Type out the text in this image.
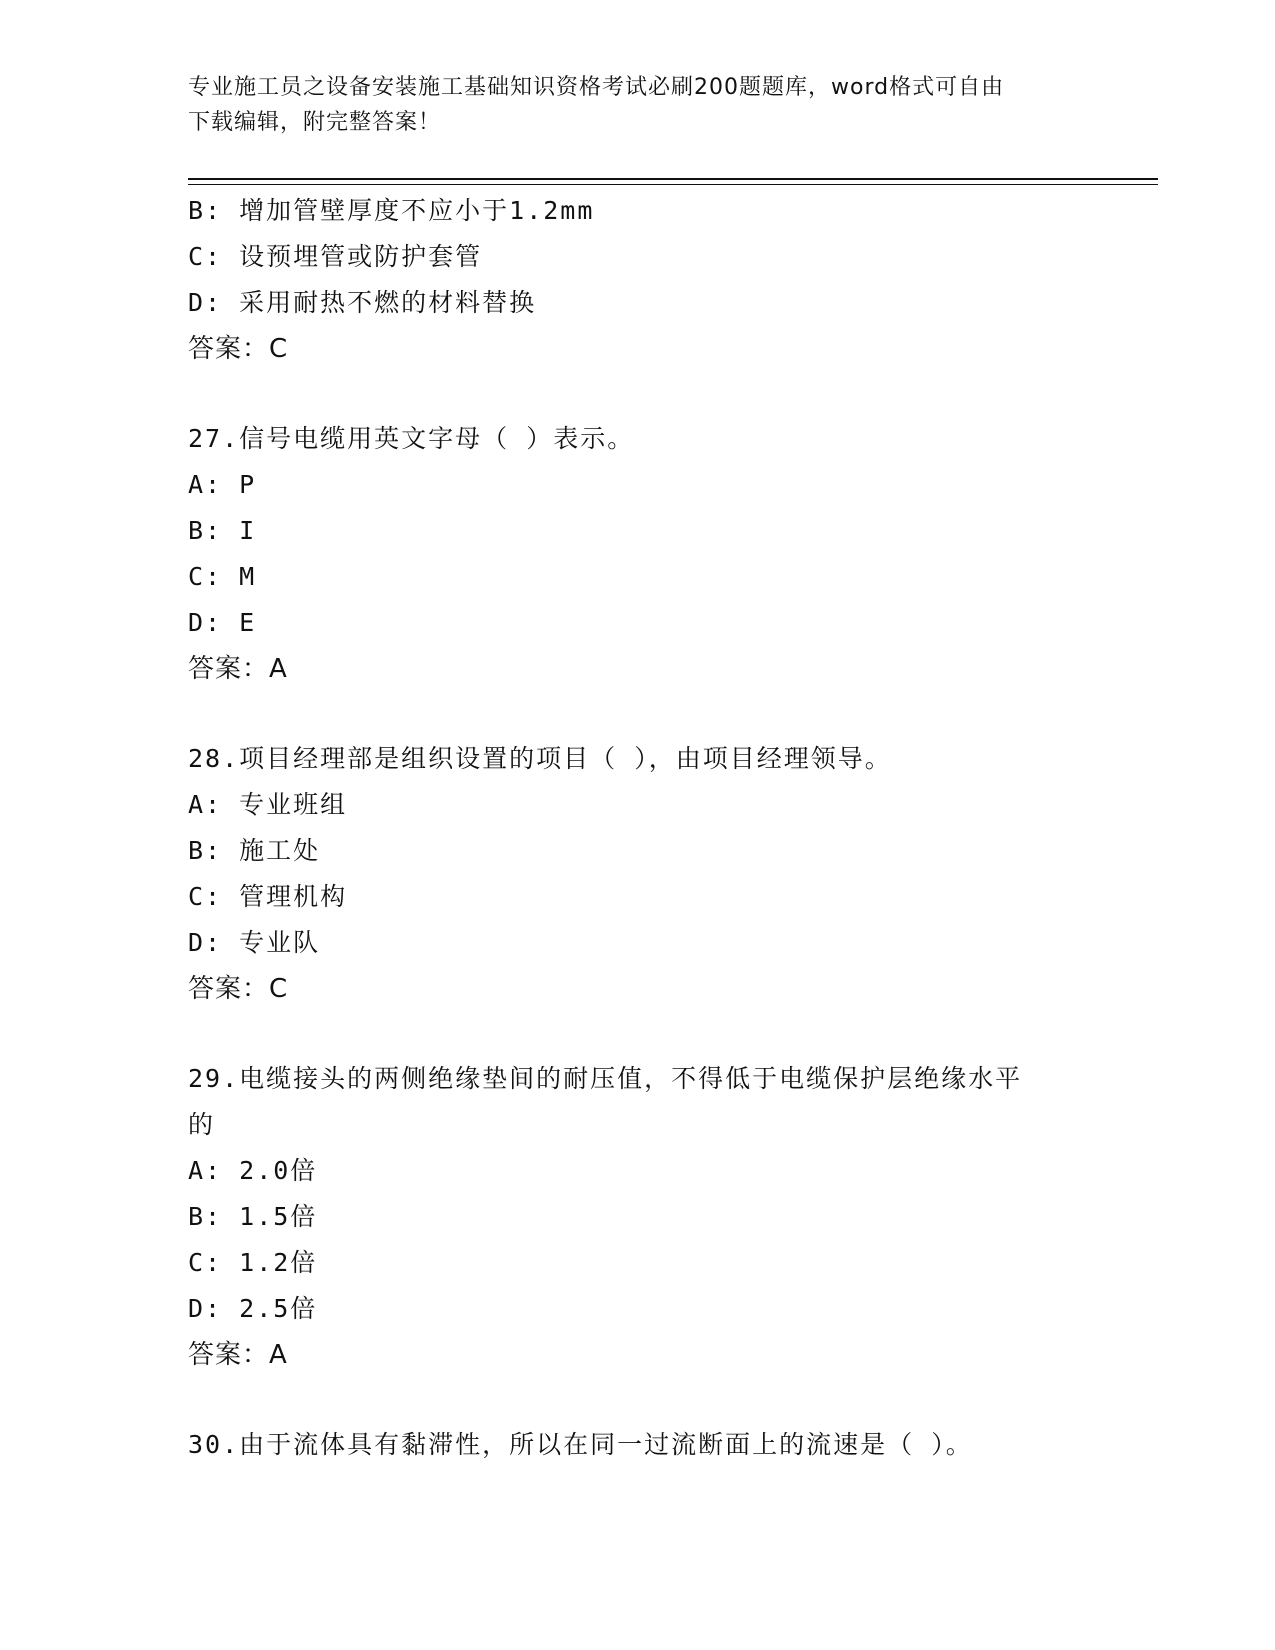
专业施工员之设备安装施工基础知识资格考试必刷200题题库，word格式可自由
下载编辑，附完整答案！
B: 增加管壁厚度不应小于1.2mm
C: 设预埋管或防护套管
D: 采用耐热不燃的材料替换
答案：C
27.信号电缆用英文字母（ ）表示。
A: P
B: I
C: M
D: E
答案：A
28.项目经理部是组织设置的项目（ ），由项目经理领导。
A: 专业班组
B: 施工处
C: 管理机构
D: 专业队
答案：C
29.电缆接头的两侧绝缘垫间的耐压值，不得低于电缆保护层绝缘水平
的
A: 2.0倍
B: 1.5倍
C: 1.2倍
D: 2.5倍
答案：A
30.由于流体具有黏滞性，所以在同一过流断面上的流速是（ ）。
